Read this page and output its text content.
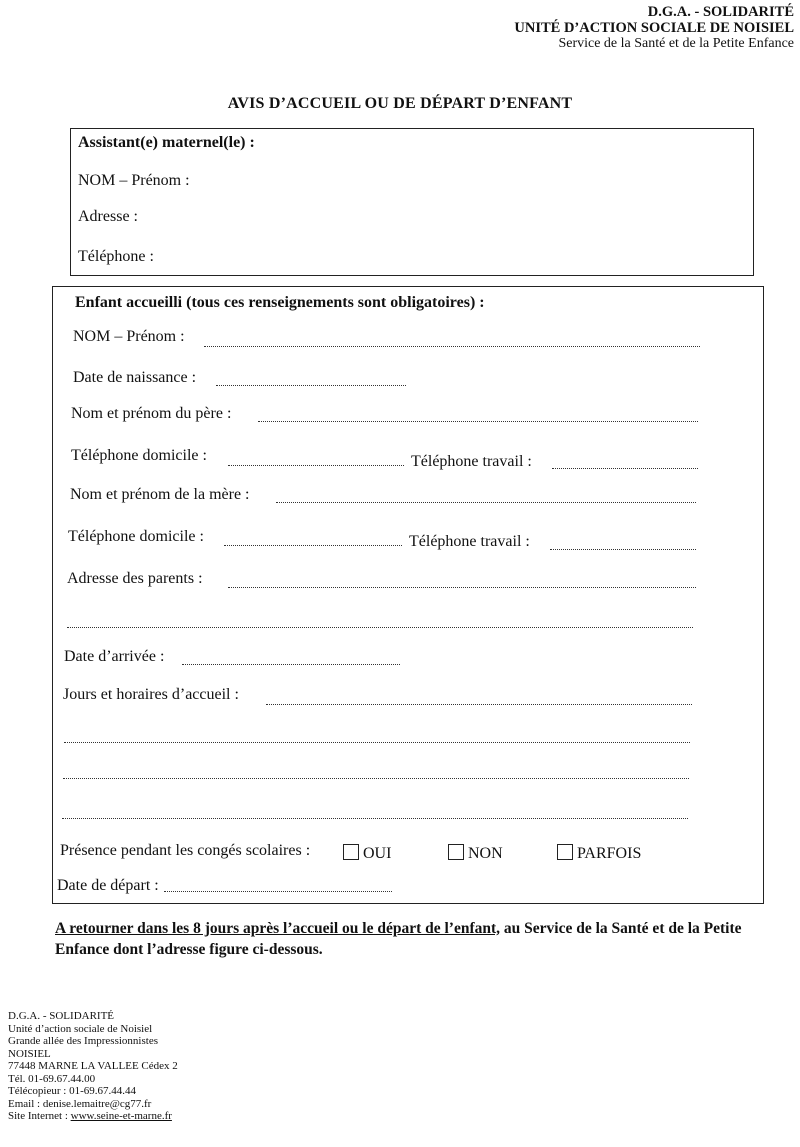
D.G.A. - SOLIDARITÉ
UNITÉ D’ACTION SOCIALE DE NOISIEL
Service de la Santé et de la Petite Enfance
AVIS D’ACCUEIL OU DE DÉPART D’ENFANT
Assistant(e) maternel(le) :
NOM – Prénom :
Adresse :
Téléphone :
Enfant accueilli (tous ces renseignements sont obligatoires) :
NOM – Prénom :
Date de naissance :
Nom et prénom du père :
Téléphone domicile :	Téléphone travail :
Nom et prénom de la mère :
Téléphone domicile :	Téléphone travail :
Adresse des parents :
Date d’arrivée :
Jours et horaires d’accueil :
Présence pendant les congés scolaires :	OUI	NON	PARFOIS
Date de départ :
A retourner dans les 8 jours après l’accueil ou le départ de l’enfant, au Service de la Santé et de la Petite Enfance dont l’adresse figure ci-dessous.
D.G.A. - SOLIDARITÉ
Unité d’action sociale de Noisiel
Grande allée des Impressionnistes
NOISIEL
77448 MARNE LA VALLEE Cédex 2
Tél. 01-69.67.44.00
Télécopieur : 01-69.67.44.44
Email : denise.lemaitre@cg77.fr
Site Internet : www.seine-et-marne.fr
